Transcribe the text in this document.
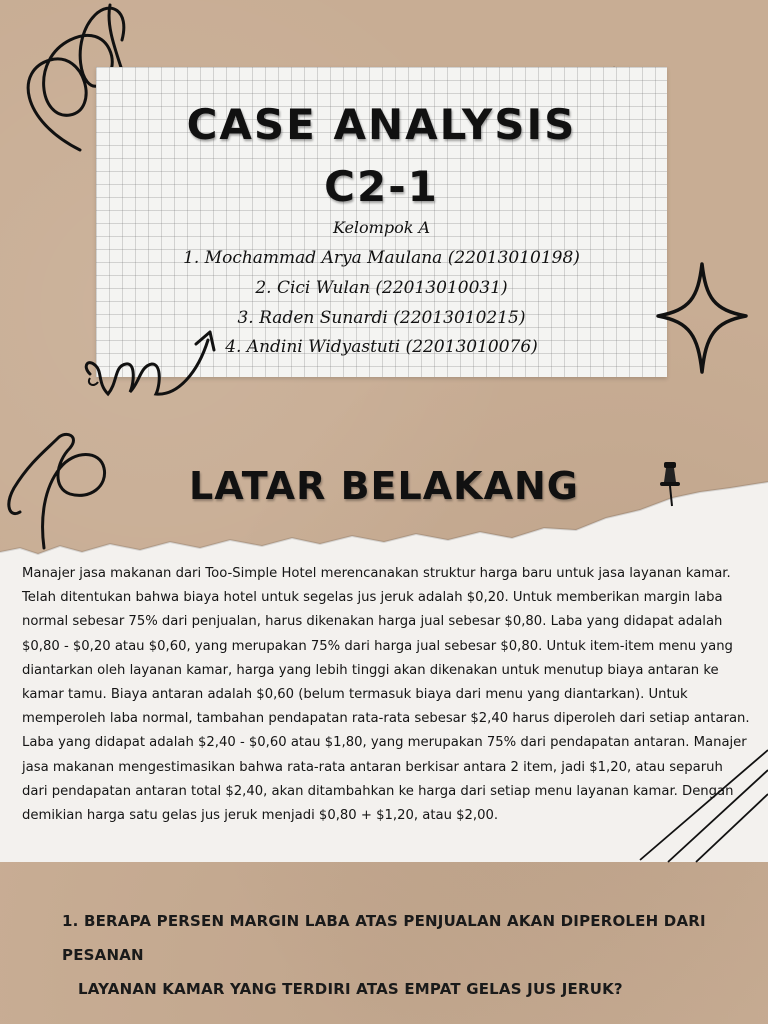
CASE ANALYSIS
C2-1
Kelompok A
1. Mochammad Arya Maulana (22013010198)
2. Cici Wulan (22013010031)
3. Raden Sunardi (22013010215)
4. Andini Widyastuti (22013010076)
LATAR BELAKANG
Manajer jasa makanan dari Too-Simple Hotel merencanakan struktur harga baru untuk jasa layanan kamar. Telah ditentukan bahwa biaya hotel untuk segelas jus jeruk adalah $0,20. Untuk memberikan margin laba normal sebesar 75% dari penjualan, harus dikenakan harga jual sebesar $0,80. Laba yang didapat adalah $0,80 - $0,20 atau $0,60, yang merupakan 75% dari harga jual sebesar $0,80. Untuk item-item menu yang diantarkan oleh layanan kamar, harga yang lebih tinggi akan dikenakan untuk menutup biaya antaran ke kamar tamu. Biaya antaran adalah $0,60 (belum termasuk biaya dari menu yang diantarkan). Untuk memperoleh laba normal, tambahan pendapatan rata-rata sebesar $2,40 harus diperoleh dari setiap antaran. Laba yang didapat adalah $2,40 - $0,60 atau $1,80, yang merupakan 75% dari pendapatan antaran. Manajer jasa makanan mengestimasikan bahwa rata-rata antaran berkisar antara 2 item, jadi $1,20, atau separuh dari pendapatan antaran total $2,40, akan ditambahkan ke harga dari setiap menu layanan kamar. Dengan demikian harga satu gelas jus jeruk menjadi $0,80 + $1,20, atau $2,00.
1. BERAPA PERSEN MARGIN LABA ATAS PENJUALAN AKAN DIPEROLEH DARI PESANAN
LAYANAN KAMAR YANG TERDIRI ATAS EMPAT GELAS JUS JERUK?
